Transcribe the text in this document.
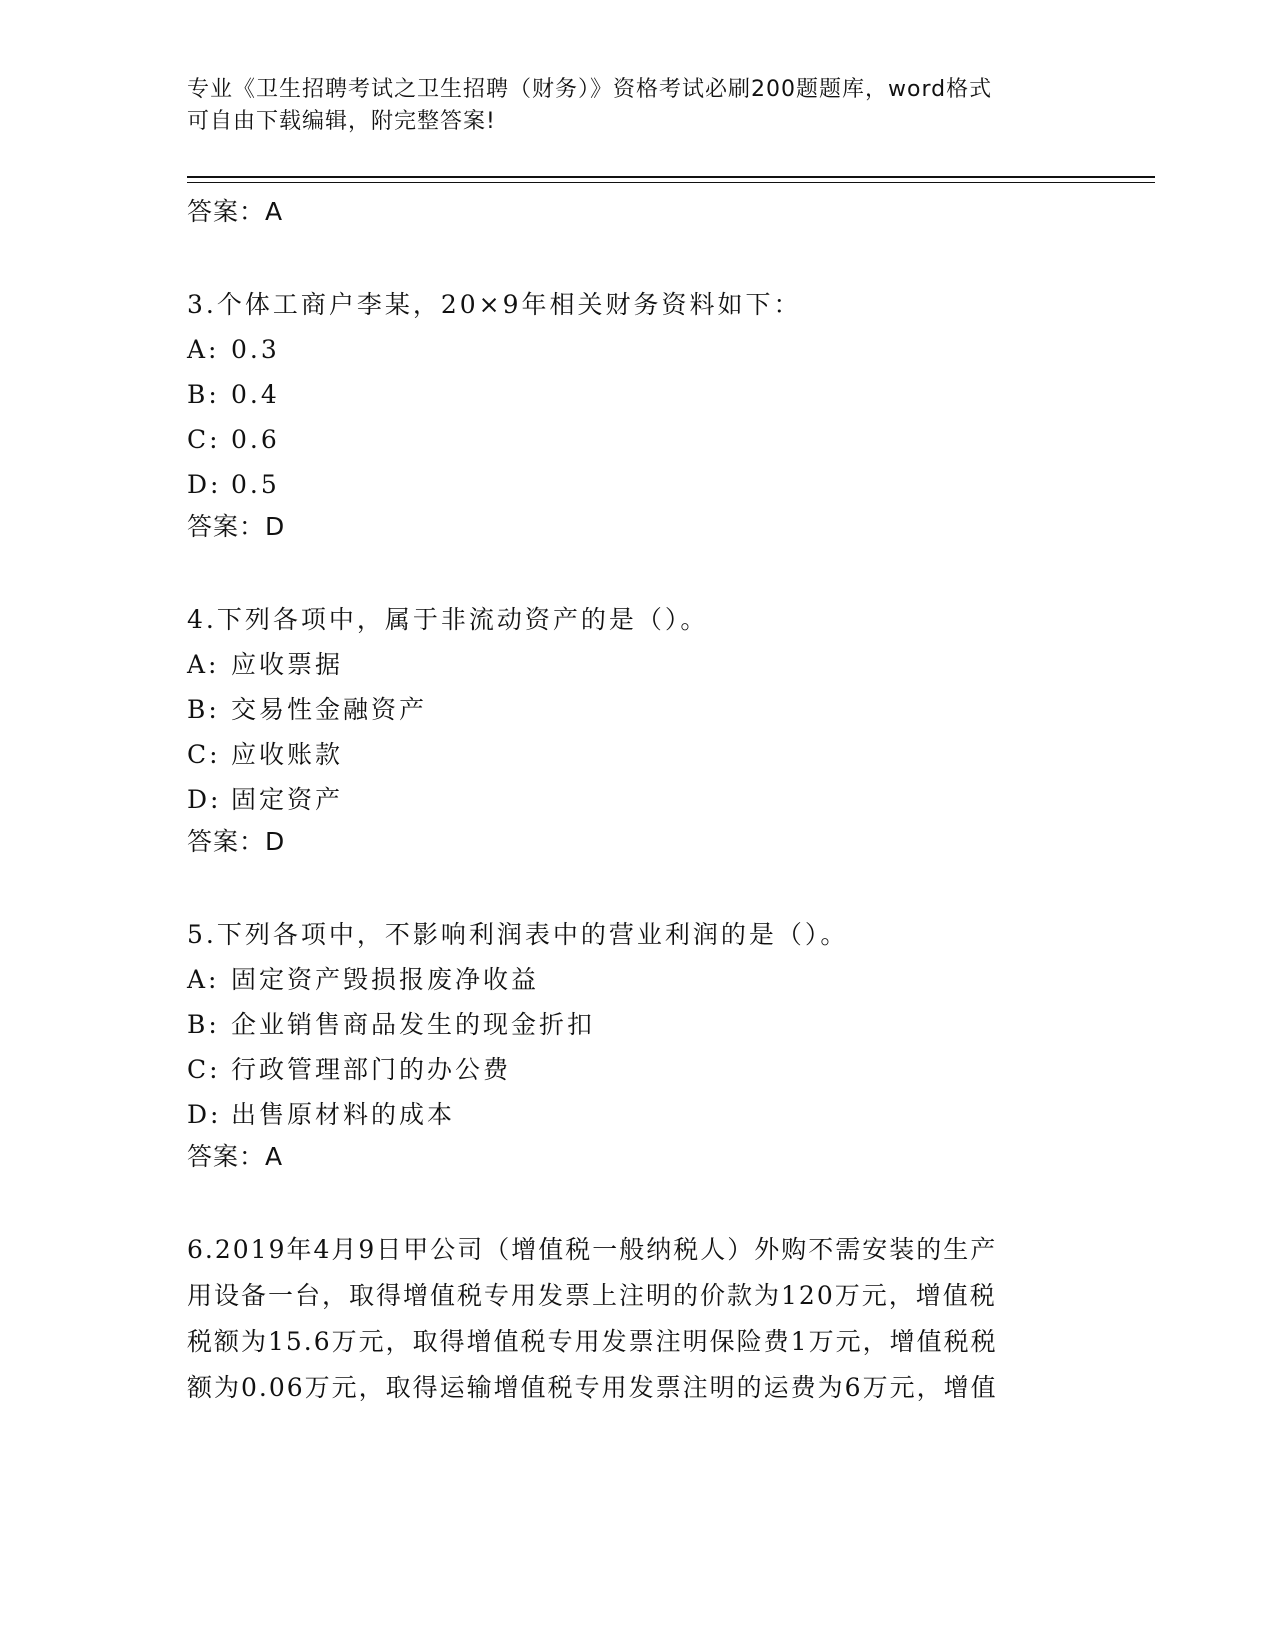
专业《卫生招聘考试之卫生招聘（财务）》资格考试必刷200题题库，word格式
可自由下载编辑，附完整答案!
答案：A
3.个体工商户李某，20×9年相关财务资料如下：
A: 0.3
B: 0.4
C: 0.6
D: 0.5
答案：D
4.下列各项中，属于非流动资产的是（）。
A: 应收票据
B: 交易性金融资产
C: 应收账款
D: 固定资产
答案：D
5.下列各项中，不影响利润表中的营业利润的是（）。
A: 固定资产毁损报废净收益
B: 企业销售商品发生的现金折扣
C: 行政管理部门的办公费
D: 出售原材料的成本
答案：A
6.2019年4月9日甲公司（增值税一般纳税人）外购不需安装的生产
用设备一台，取得增值税专用发票上注明的价款为120万元，增值税
税额为15.6万元，取得增值税专用发票注明保险费1万元，增值税税
额为0.06万元，取得运输增值税专用发票注明的运费为6万元，增值
